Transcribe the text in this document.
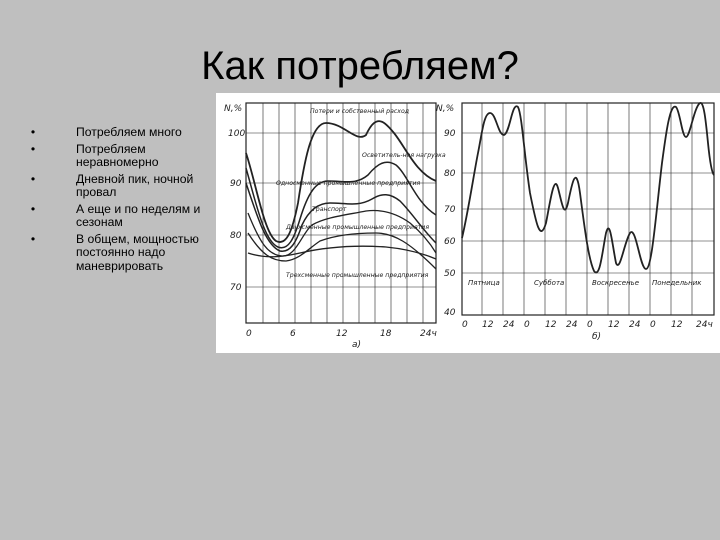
Как потребляем?
•	Потребляем много
•	Потребляем неравномерно
•	Дневной пик, ночной провал
•	А еще и по неделям и сезонам
•	В общем, мощностью постоянно надо маневрировать
Потери и собственный расход
Осветитель-ная нагрузка
Односменные промышленные предприятия
Транспорт
Двухсменные промышленные предприятия
Трехсменные промышленные предприятия
N,%
100
90
80
70
0	6	12	18	24ч
а)
Пятница	Суббота	Воскресенье Понедельник
N,%
90
80
70
60
50
40
0 12 24 0 12 24 0 12 24 0 12 24ч
б)
